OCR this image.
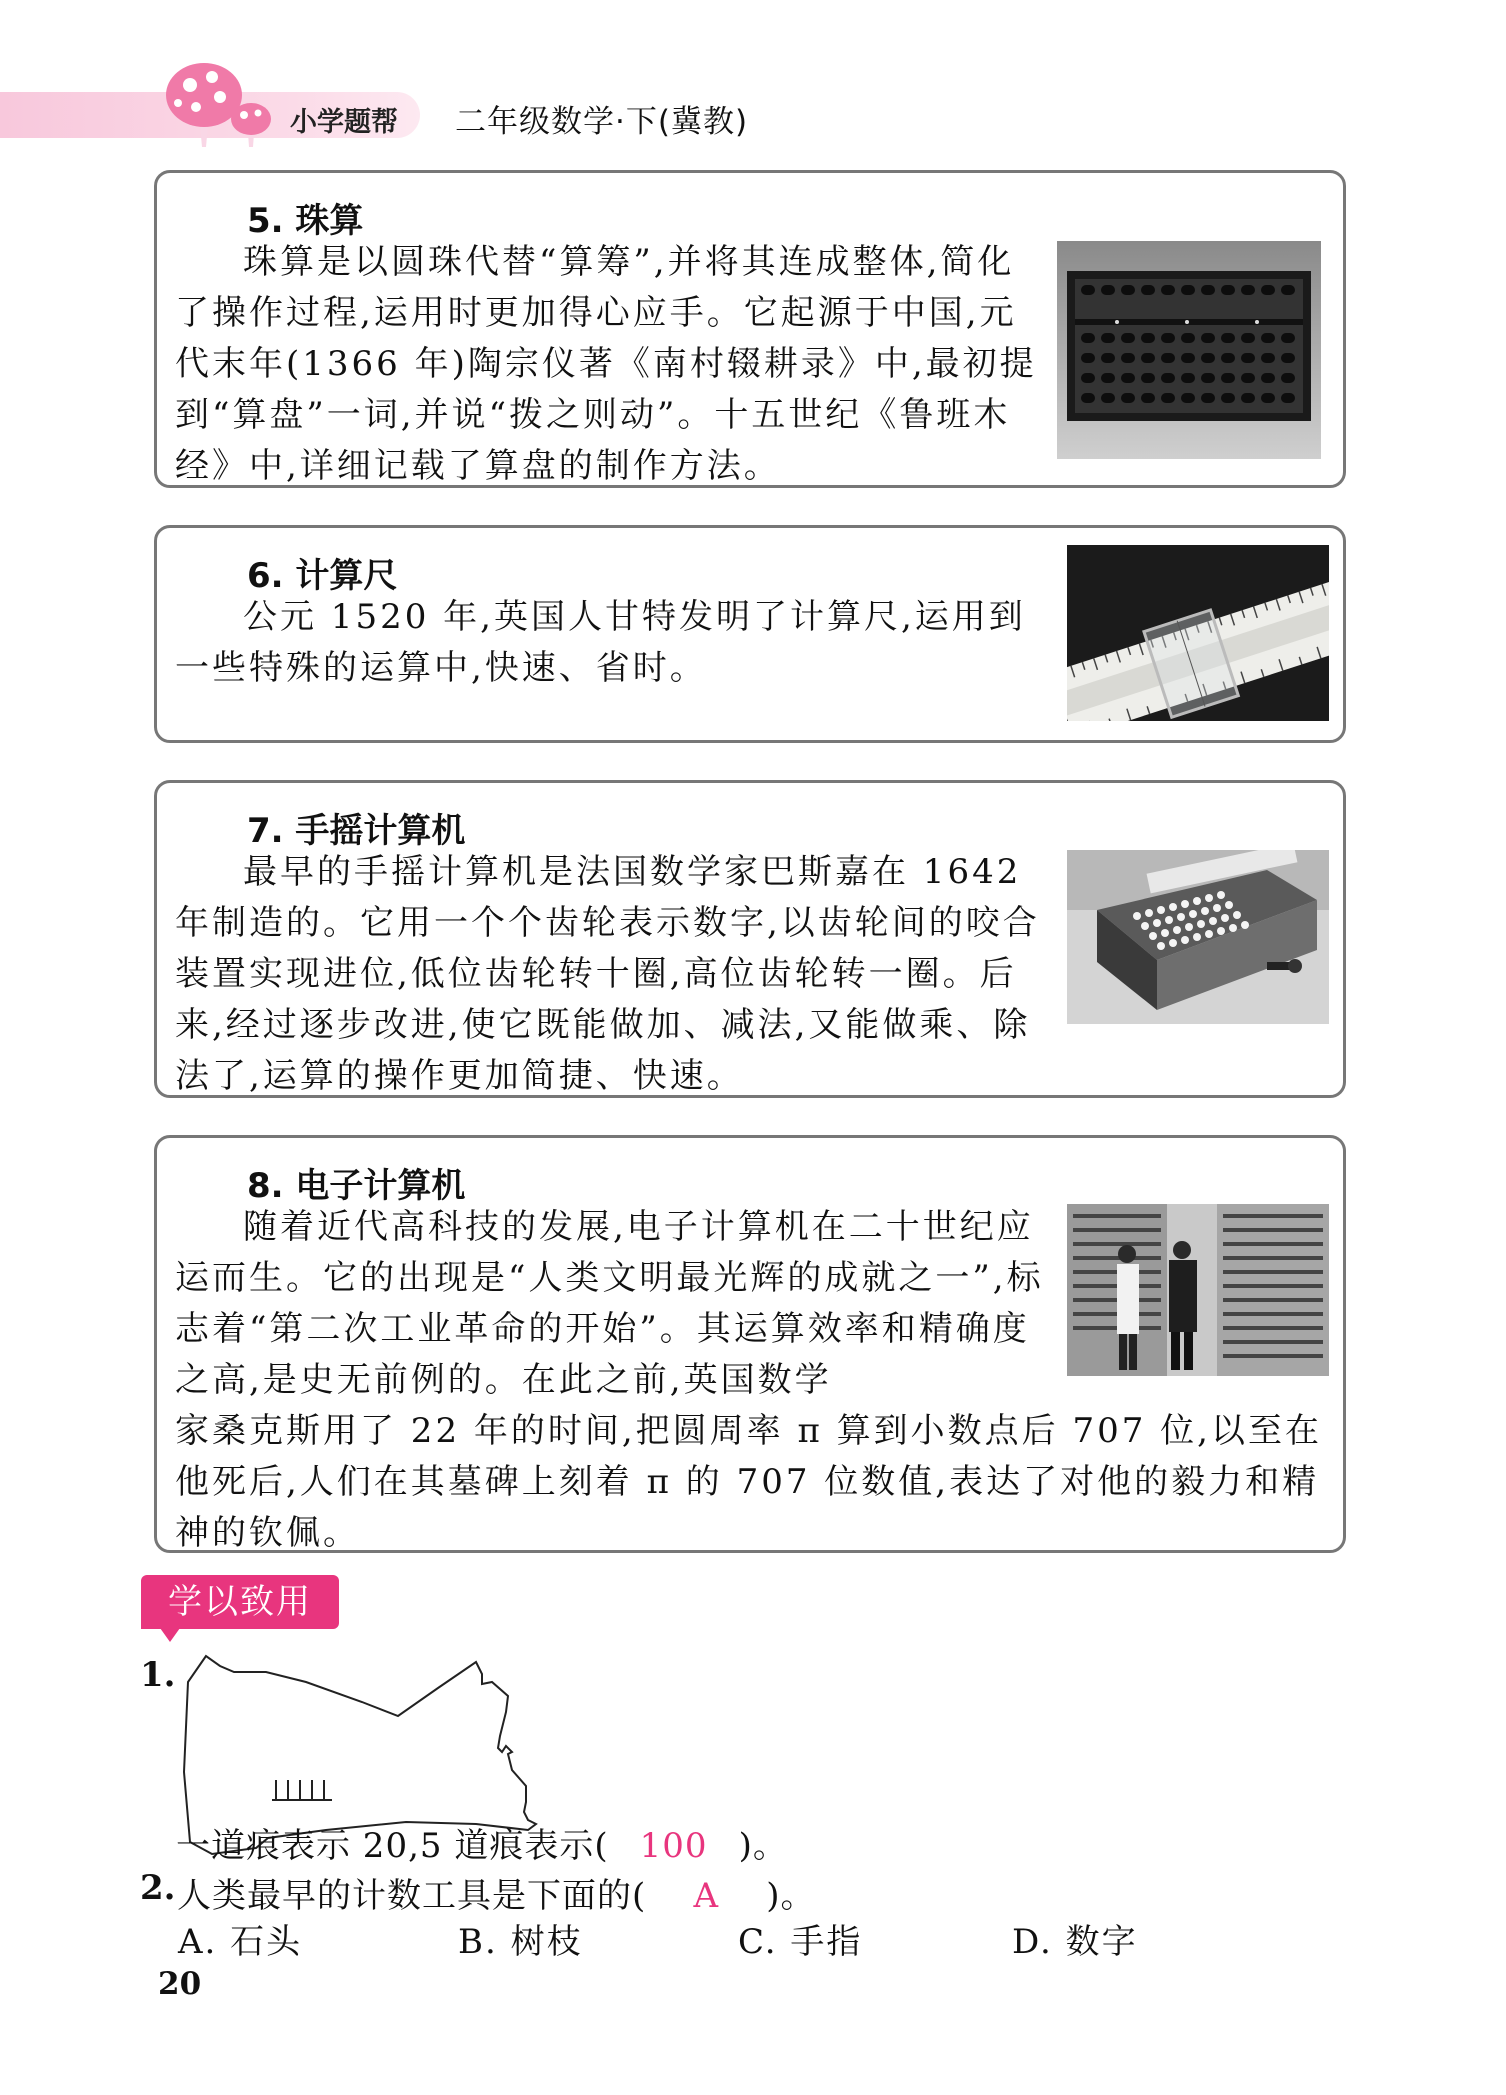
小学题帮 二年级数学·下(冀教)
5. 珠算

珠算是以圆珠代替“算筹”,并将其连成整体,简化了操作过程,运用时更加得心应手。它起源于中国,元代末年(1366 年)陶宗仪著《南村辍耕录》中,最初提到“算盘”一词,并说“拨之则动”。十五世纪《鲁班木经》中,详细记载了算盘的制作方法。

6. 计算尺

公元 1520 年,英国人甘特发明了计算尺,运用到一些特殊的运算中,快速、省时。

7. 手摇计算机

最早的手摇计算机是法国数学家巴斯嘉在 1642 年制造的。它用一个个齿轮表示数字,以齿轮间的咬合装置实现进位,低位齿轮转十圈,高位齿轮转一圈。后来,经过逐步改进,使它既能做加、减法,又能做乘、除法了,运算的操作更加简捷、快速。

8. 电子计算机

随着近代高科技的发展,电子计算机在二十世纪应运而生。它的出现是“人类文明最光辉的成就之一”,标志着“第二次工业革命的开始”。其运算效率和精确度之高,是史无前例的。在此之前,英国数学

家桑克斯用了 22 年的时间,把圆周率 π 算到小数点后 707 位,以至在他死后,人们在其墓碑上刻着 π 的 707 位数值,表达了对他的毅力和精神的钦佩。

学以致用
1.
一道痕表示 20,5 道痕表示( 100 )。
2. 人类最早的计数工具是下面的( A )。
A. 石头	B. 树枝	C. 手指	D. 数字
20
